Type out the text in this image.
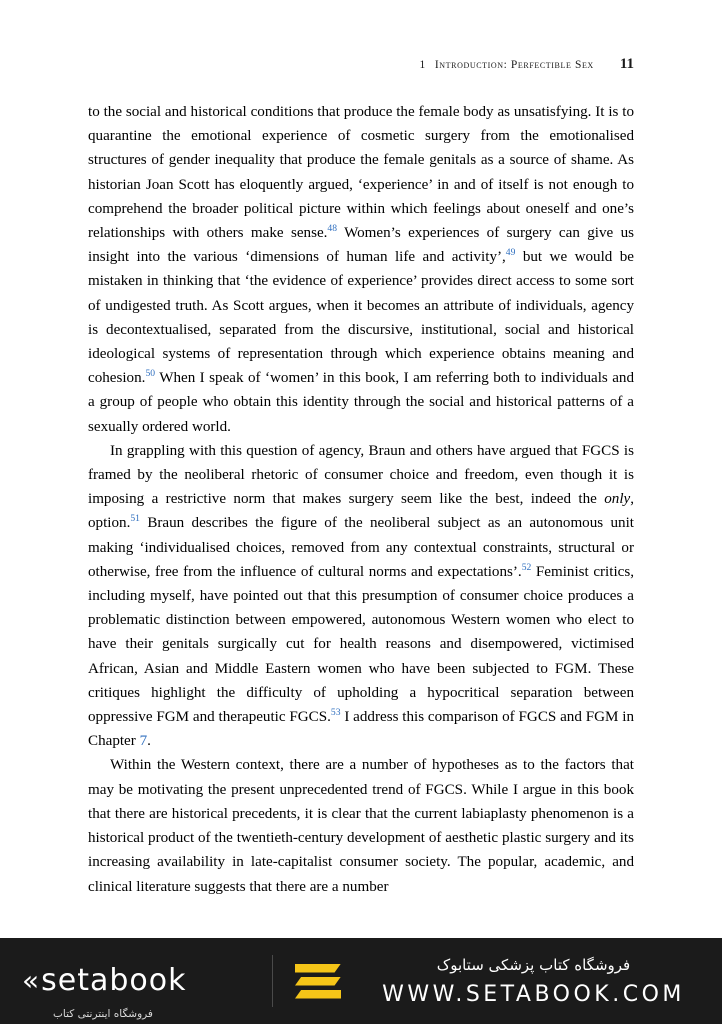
1 Introduction: Perfectible Sex 11

to the social and historical conditions that produce the female body as unsatisfying. It is to quarantine the emotional experience of cosmetic surgery from the emotionalised structures of gender inequality that produce the female genitals as a source of shame. As historian Joan Scott has eloquently argued, ‘experience’ in and of itself is not enough to comprehend the broader political picture within which feelings about oneself and one’s relationships with others make sense.$^{48}$ Women’s experiences of surgery can give us insight into the various ‘dimensions of human life and activity’,$^{49}$ but we would be mistaken in thinking that ‘the evidence of experience’ provides direct access to some sort of undigested truth. As Scott argues, when it becomes an attribute of individuals, agency is decontextualised, separated from the discursive, institutional, social and historical ideological systems of representation through which experience obtains meaning and cohesion.$^{50}$ When I speak of ‘women’ in this book, I am referring both to individuals and a group of people who obtain this identity through the social and historical patterns of a sexually ordered world.

In grappling with this question of agency, Braun and others have argued that FGCS is framed by the neoliberal rhetoric of consumer choice and freedom, even though it is imposing a restrictive norm that makes surgery seem like the best, indeed the only, option.$^{51}$ Braun describes the figure of the neoliberal subject as an autonomous unit making ‘individualised choices, removed from any contextual constraints, structural or otherwise, free from the influence of cultural norms and expectations’.$^{52}$ Feminist critics, including myself, have pointed out that this presumption of consumer choice produces a problematic distinction between empowered, autonomous Western women who elect to have their genitals surgically cut for health reasons and disempowered, victimised African, Asian and Middle Eastern women who have been subjected to FGM. These critiques highlight the difficulty of upholding a hypocritical separation between oppressive FGM and therapeutic FGCS.$^{53}$ I address this comparison of FGCS and FGM in Chapter 7.

Within the Western context, there are a number of hypotheses as to the factors that may be motivating the present unprecedented trend of FGCS. While I argue in this book that there are historical precedents, it is clear that the current labiaplasty phenomenon is a historical product of the twentieth-century development of aesthetic plastic surgery and its increasing availability in late-capitalist consumer society. The popular, academic, and clinical literature suggests that there are a number

« setabook
فروشگاه اینترنتی کتاب
فروشگاه کتاب پزشکی ستابوک
WWW.SETABOOK.COM
